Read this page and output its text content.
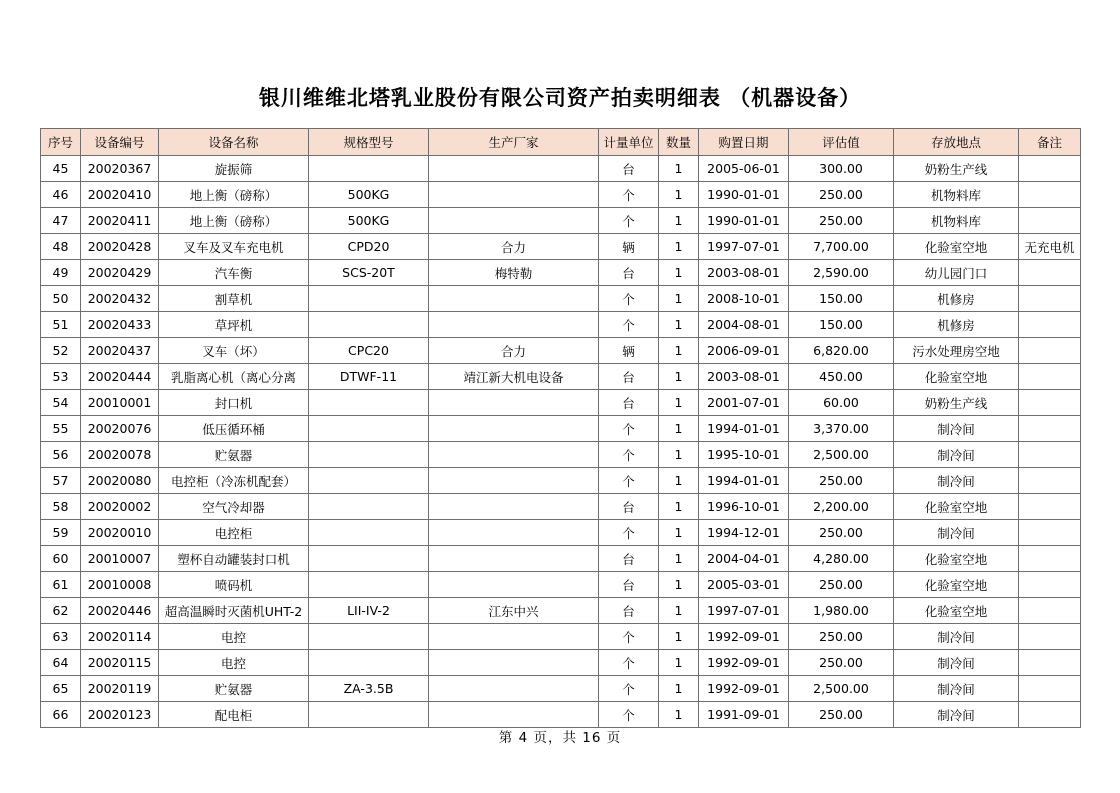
银川维维北塔乳业股份有限公司资产拍卖明细表 （机器设备）
序号	设备编号	设备名称	规格型号	生产厂家	计量单位	数量	购置日期	评估值	存放地点	备注
45	20020367	旋振筛			台	1	2005-06-01	300.00	奶粉生产线	
46	20020410	地上衡（磅称）	500KG		个	1	1990-01-01	250.00	机物料库	
47	20020411	地上衡（磅称）	500KG		个	1	1990-01-01	250.00	机物料库	
48	20020428	叉车及叉车充电机	CPD20	合力	辆	1	1997-07-01	7,700.00	化验室空地	无充电机
49	20020429	汽车衡	SCS-20T	梅特勒	台	1	2003-08-01	2,590.00	幼儿园门口	
50	20020432	割草机			个	1	2008-10-01	150.00	机修房	
51	20020433	草坪机			个	1	2004-08-01	150.00	机修房	
52	20020437	叉车（坏）	CPC20	合力	辆	1	2006-09-01	6,820.00	污水处理房空地	
53	20020444	乳脂离心机（离心分离	DTWF-11	靖江新大机电设备	台	1	2003-08-01	450.00	化验室空地	
54	20010001	封口机			台	1	2001-07-01	60.00	奶粉生产线	
55	20020076	低压循环桶			个	1	1994-01-01	3,370.00	制冷间	
56	20020078	贮氨器			个	1	1995-10-01	2,500.00	制冷间	
57	20020080	电控柜（冷冻机配套）			个	1	1994-01-01	250.00	制冷间	
58	20020002	空气冷却器			台	1	1996-10-01	2,200.00	化验室空地	
59	20020010	电控柜			个	1	1994-12-01	250.00	制冷间	
60	20010007	塑杯自动罐装封口机			台	1	2004-04-01	4,280.00	化验室空地	
61	20010008	喷码机			台	1	2005-03-01	250.00	化验室空地	
62	20020446	超高温瞬时灭菌机UHT-2	LII-IV-2	江东中兴	台	1	1997-07-01	1,980.00	化验室空地	
63	20020114	电控			个	1	1992-09-01	250.00	制冷间	
64	20020115	电控			个	1	1992-09-01	250.00	制冷间	
65	20020119	贮氨器	ZA-3.5B		个	1	1992-09-01	2,500.00	制冷间	
66	20020123	配电柜			个	1	1991-09-01	250.00	制冷间	
第 4 页，共 16 页
